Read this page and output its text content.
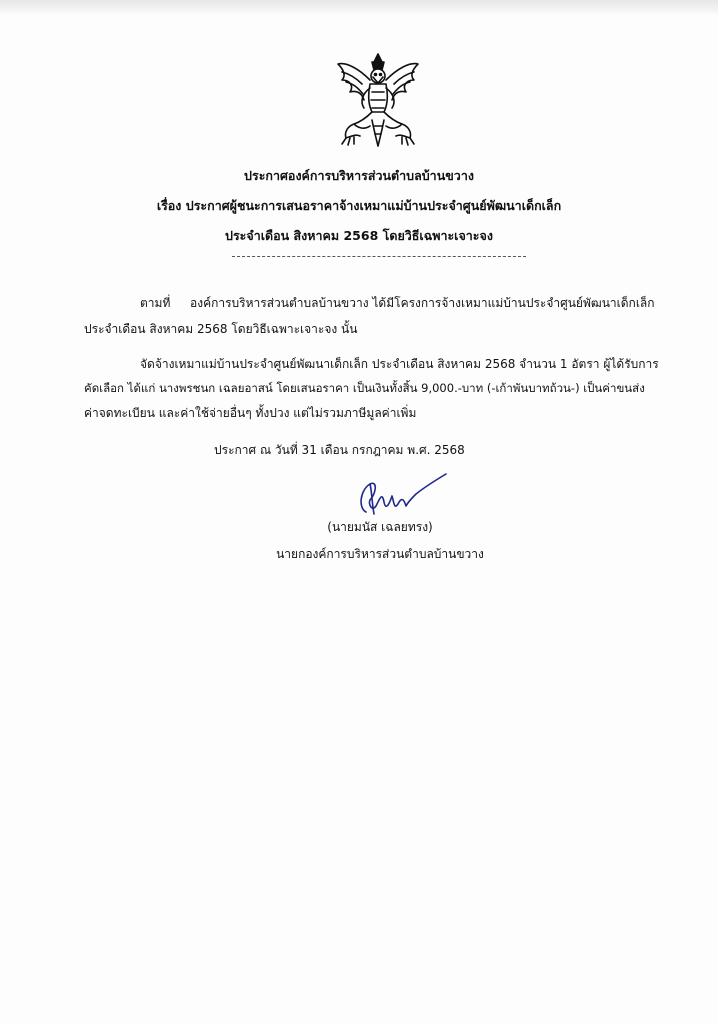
ประกาศองค์การบริหารส่วนตำบลบ้านขวาง
เรื่อง ประกาศผู้ชนะการเสนอราคาจ้างเหมาแม่บ้านประจำศูนย์พัฒนาเด็กเล็ก
ประจำเดือน สิงหาคม 2568 โดยวิธีเฉพาะเจาะจง
ตามที่ องค์การบริหารส่วนตำบลบ้านขวาง ได้มีโครงการจ้างเหมาแม่บ้านประจำศูนย์พัฒนาเด็กเล็ก
ประจำเดือน สิงหาคม 2568 โดยวิธีเฉพาะเจาะจง นั้น
จัดจ้างเหมาแม่บ้านประจำศูนย์พัฒนาเด็กเล็ก ประจำเดือน สิงหาคม 2568 จำนวน 1 อัตรา ผู้ได้รับการ
คัดเลือก ได้แก่ นางพรชนก เฉลยอาสน์ โดยเสนอราคา เป็นเงินทั้งสิ้น 9,000.-บาท (-เก้าพันบาทถ้วน-) เป็นค่าขนส่ง
ค่าจดทะเบียน และค่าใช้จ่ายอื่นๆ ทั้งปวง แต่ไม่รวมภาษีมูลค่าเพิ่ม
ประกาศ ณ วันที่ 31 เดือน กรกฎาคม พ.ศ. 2568
(นายมนัส เฉลยทรง)
นายกองค์การบริหารส่วนตำบลบ้านขวาง
